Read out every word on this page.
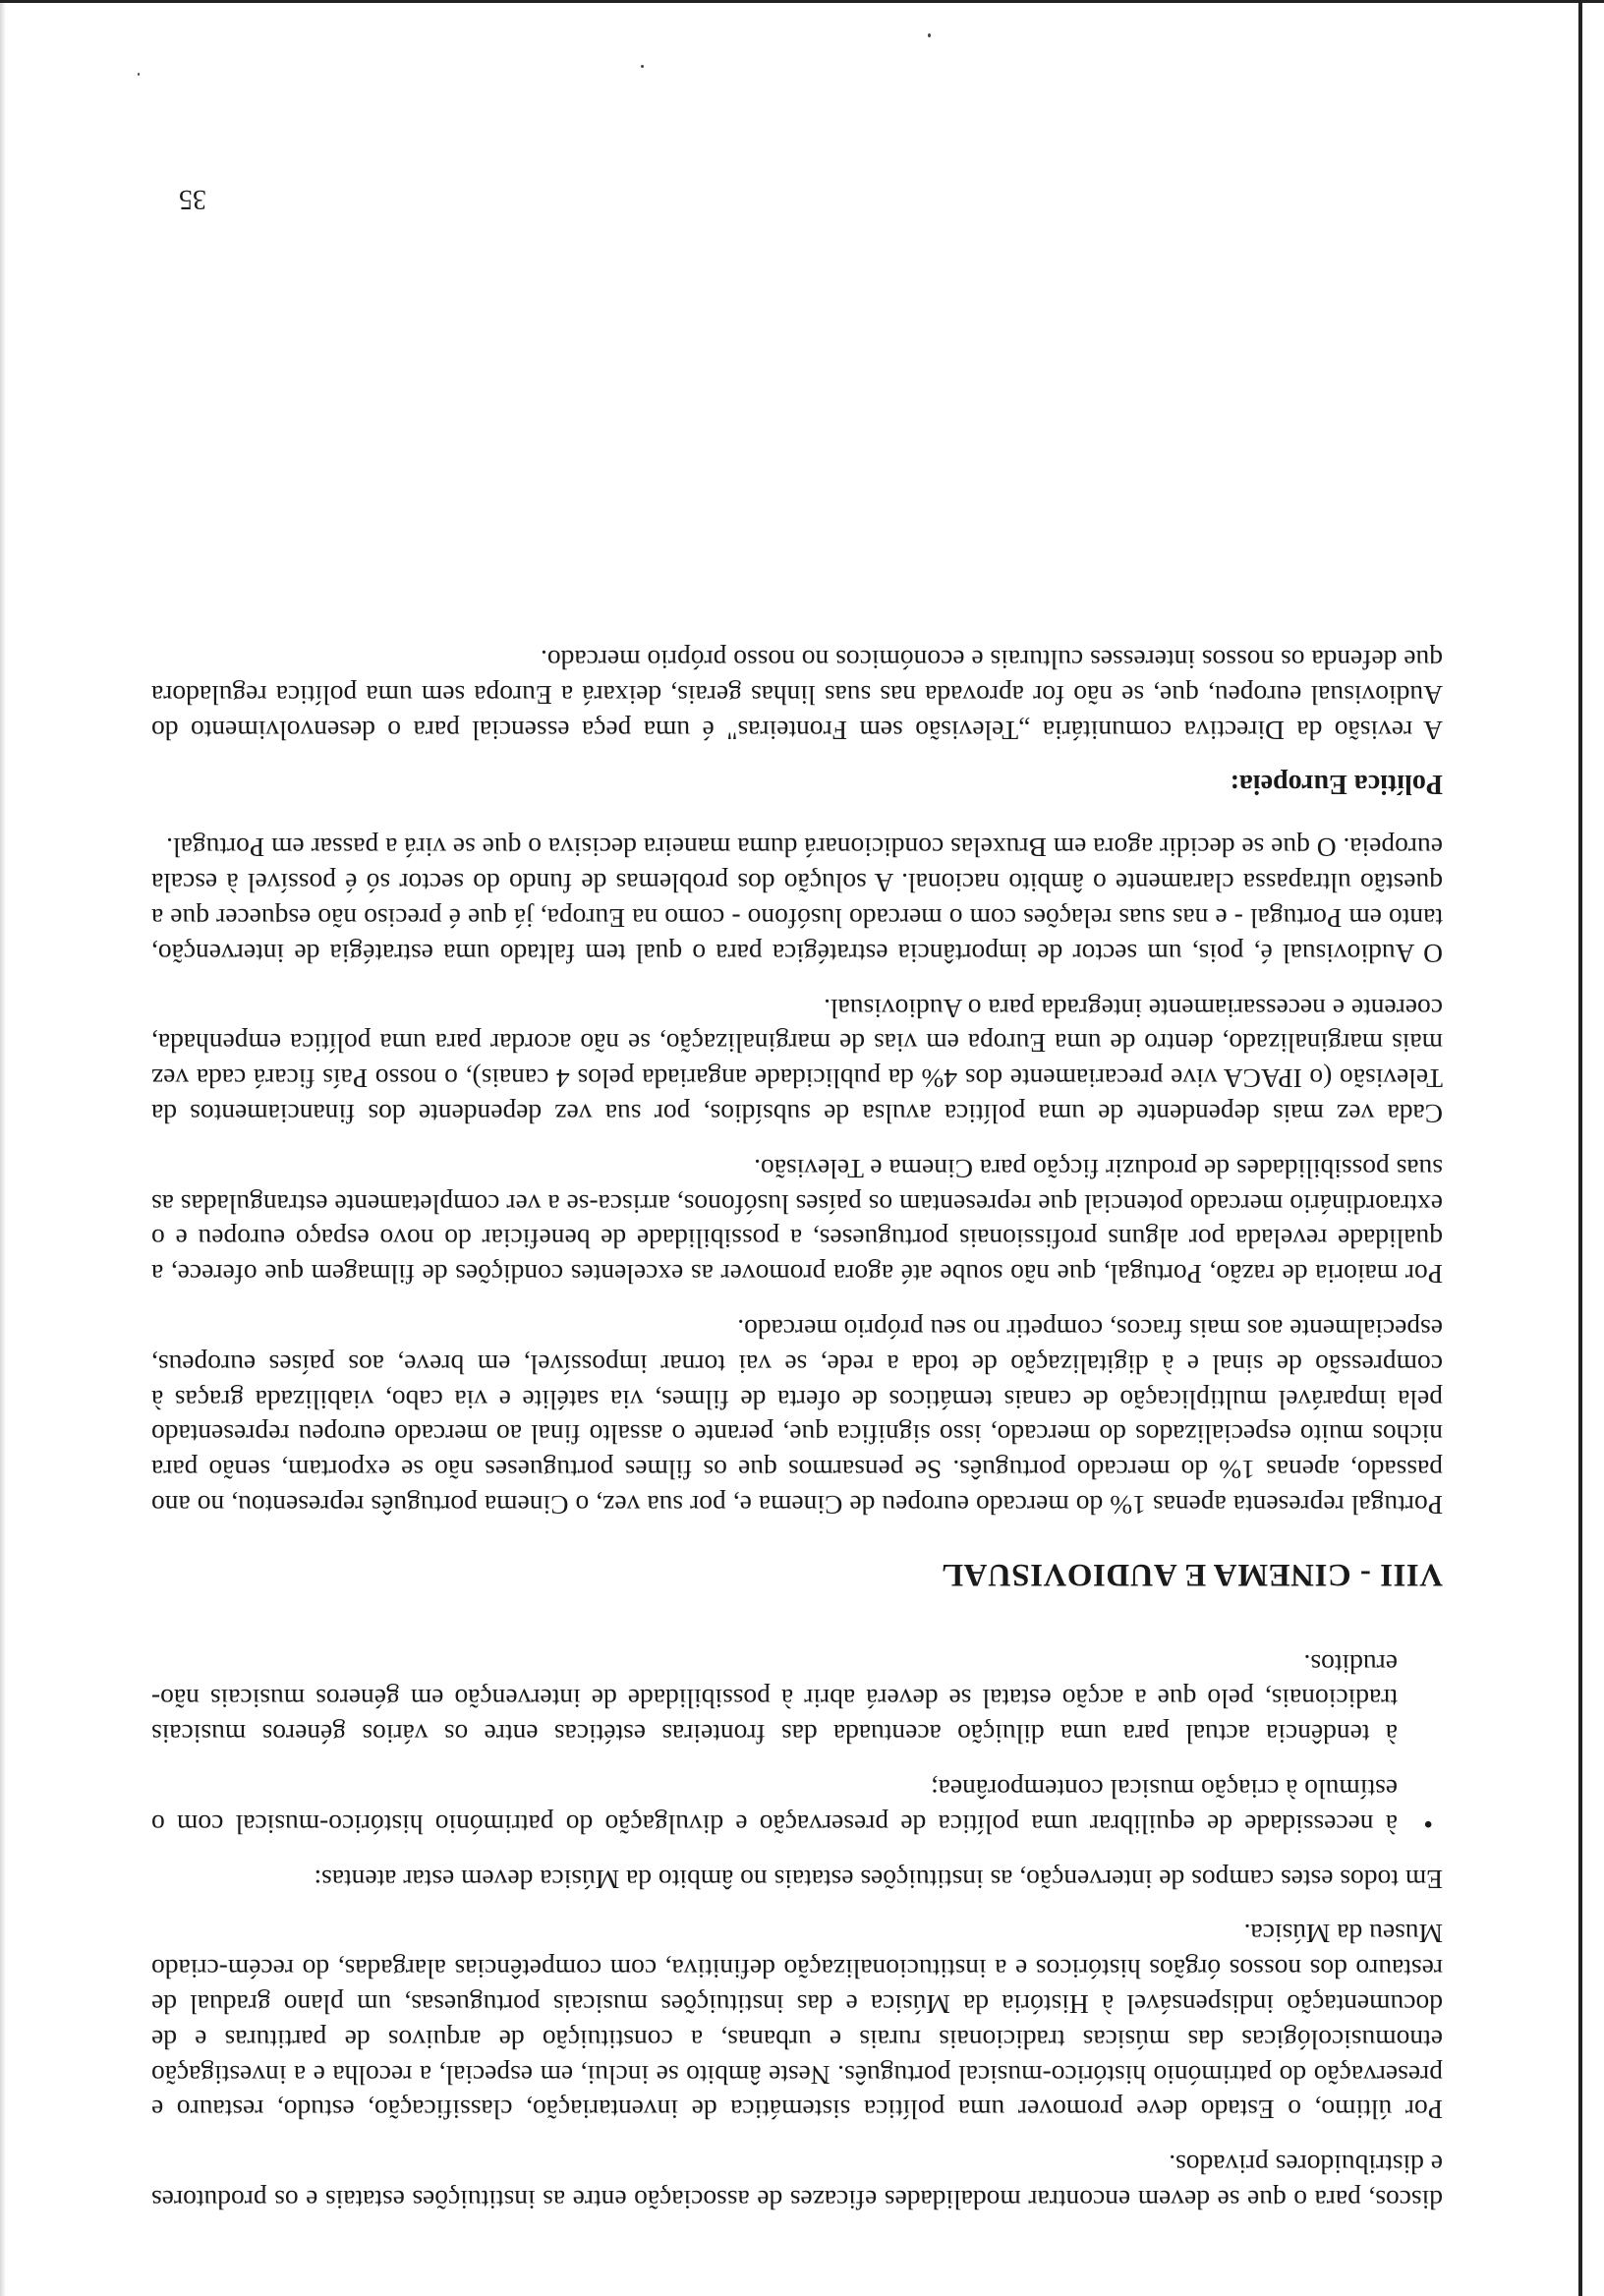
discos, para o que se devem encontrar modalidades eficazes de associação entre as instituições estatais e os produtores e distribuidores privados.

Por último, o Estado deve promover uma política sistemática de inventariação, classificação, estudo, restauro e preservação do património histórico-musical português. Neste âmbito se inclui, em especial, a recolha e a investigação etnomusicológicas das músicas tradicionais rurais e urbanas, a constituição de arquivos de partituras e de documentação indispensável à História da Música e das instituições musicais portuguesas, um plano gradual de restauro dos nossos órgãos históricos e a institucionalização definitiva, com competências alargadas, do recém-criado Museu da Música.

Em todos estes campos de intervenção, as instituições estatais no âmbito da Música devem estar atentas:

•
à necessidade de equilibrar uma política de preservação e divulgação do património histórico-musical com o estímulo à criação musical contemporânea;
à tendência actual para uma diluição acentuada das fronteiras estéticas entre os vários géneros musicais tradicionais, pelo que a acção estatal se deverá abrir à possibilidade de intervenção em géneros musicais não-eruditos.
VIII - CINEMA E AUDIOVISUAL

Portugal representa apenas 1% do mercado europeu de Cinema e, por sua vez, o Cinema português representou, no ano passado, apenas 1% do mercado português. Se pensarmos que os filmes portugueses não se exportam, senão para nichos muito especializados do mercado, isso significa que, perante o assalto final ao mercado europeu representado pela imparável multiplicação de canais temáticos de oferta de filmes, via satélite e via cabo, viabilizada graças à compressão de sinal e à digitalização de toda a rede, se vai tornar impossível, em breve, aos países europeus, especialmente aos mais fracos, competir no seu próprio mercado.

Por maioria de razão, Portugal, que não soube até agora promover as excelentes condições de filmagem que oferece, a qualidade revelada por alguns profissionais portugueses, a possibilidade de beneficiar do novo espaço europeu e o extraordinário mercado potencial que representam os países lusófonos, arrisca-se a ver completamente estranguladas as suas possibilidades de produzir ficção para Cinema e Televisão.

Cada vez mais dependente de uma política avulsa de subsídios, por sua vez dependente dos financiamentos da Televisão (o IPACA vive precariamente dos 4% da publicidade angariada pelos 4 canais), o nosso País ficará cada vez mais marginalizado, dentro de uma Europa em vias de marginalização, se não acordar para uma política empenhada, coerente e necessariamente integrada para o Audiovisual.

O Audiovisual é, pois, um sector de importância estratégica para o qual tem faltado uma estratégia de intervenção, tanto em Portugal - e nas suas relações com o mercado lusófono - como na Europa, já que é preciso não esquecer que a questão ultrapassa claramente o âmbito nacional. A solução dos problemas de fundo do sector só é possível à escala europeia. O que se decidir agora em Bruxelas condicionará duma maneira decisiva o que se virá a passar em Portugal.

Política Europeia:

A revisão da Directiva comunitária „Televisão sem Fronteiras" é uma peça essencial para o desenvolvimento do Audiovisual europeu, que, se não for aprovada nas suas linhas gerais, deixará a Europa sem uma política reguladora que defenda os nossos interesses culturais e económicos no nosso próprio mercado.

35
